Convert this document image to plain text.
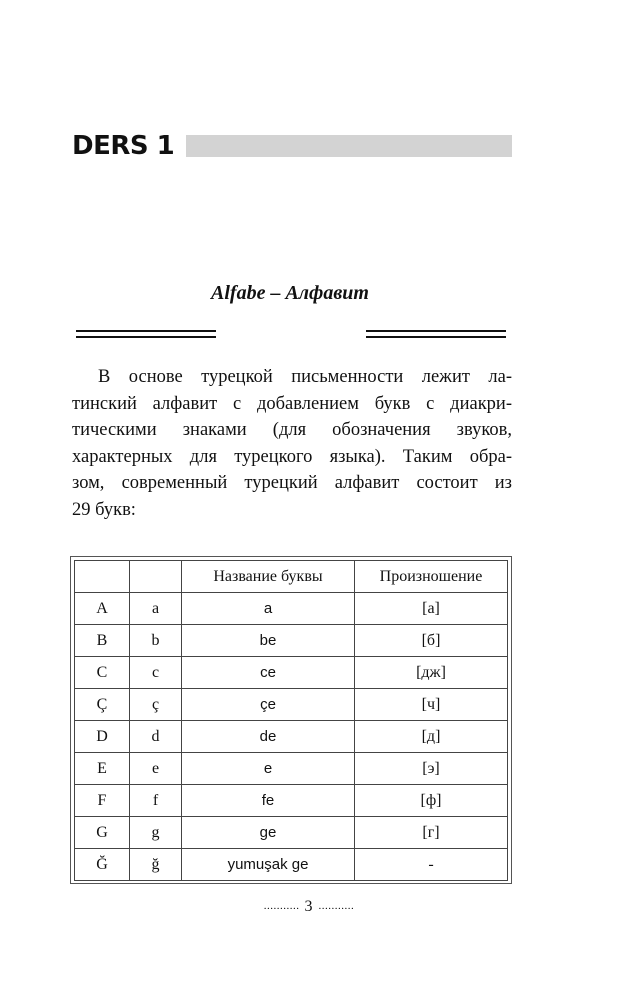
DERS 1
Alfabe – Алфавит

В основе турецкой письменности лежит ла-
тинский алфавит с добавлением букв с диакри-
тическими знаками (для обозначения звуков,
характерных для турецкого языка). Таким обра-
зом, современный турецкий алфавит состоит из
29 букв:

		Название буквы	Произношение
A	a	a	[а]
B	b	be	[б]
C	c	ce	[дж]
Ç	ç	çe	[ч]
D	d	de	[д]
E	e	e	[э]
F	f	fe	[ф]
G	g	ge	[г]
Ğ	ğ	yumuşak ge	-
........... 3 ...........
